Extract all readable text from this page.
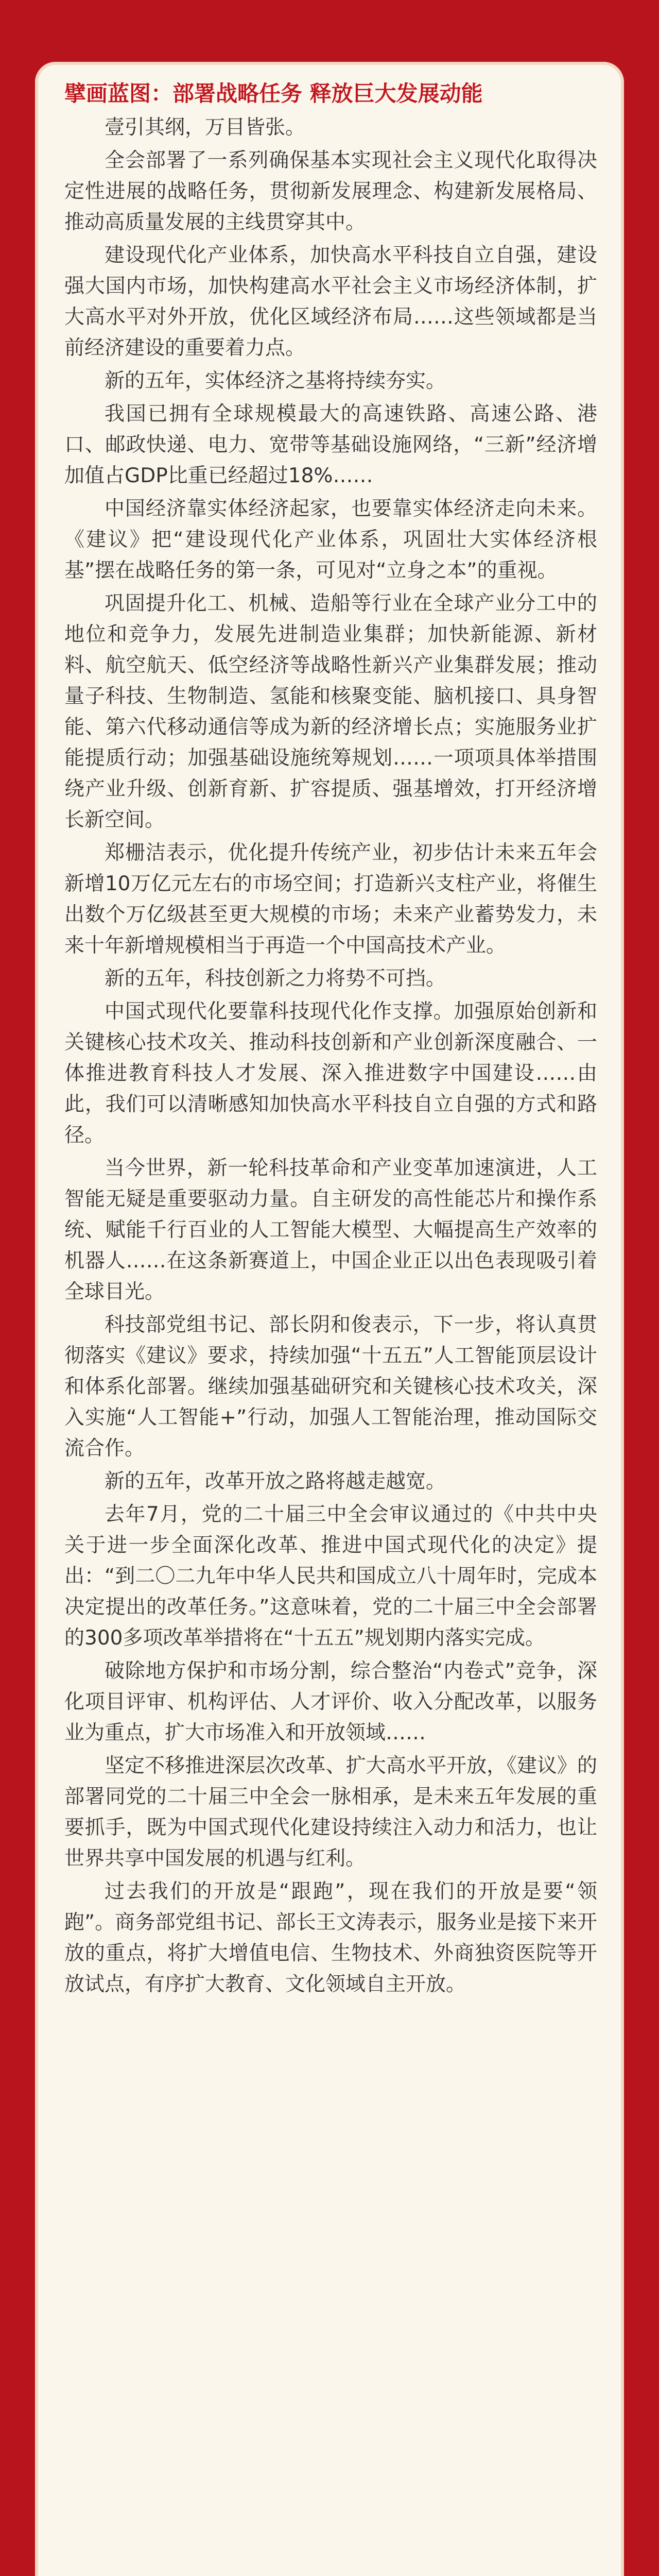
擘画蓝图：部署战略任务 释放巨大发展动能

壹引其纲，万目皆张。

全会部署了一系列确保基本实现社会主义现代化取得决定性进展的战略任务，贯彻新发展理念、构建新发展格局、推动高质量发展的主线贯穿其中。

建设现代化产业体系，加快高水平科技自立自强，建设强大国内市场，加快构建高水平社会主义市场经济体制，扩大高水平对外开放，优化区域经济布局……这些领域都是当前经济建设的重要着力点。

新的五年，实体经济之基将持续夯实。

我国已拥有全球规模最大的高速铁路、高速公路、港口、邮政快递、电力、宽带等基础设施网络，“三新”经济增加值占GDP比重已经超过18%……

中国经济靠实体经济起家，也要靠实体经济走向未来。《建议》把“建设现代化产业体系，巩固壮大实体经济根基”摆在战略任务的第一条，可见对“立身之本”的重视。

巩固提升化工、机械、造船等行业在全球产业分工中的地位和竞争力，发展先进制造业集群；加快新能源、新材料、航空航天、低空经济等战略性新兴产业集群发展；推动量子科技、生物制造、氢能和核聚变能、脑机接口、具身智能、第六代移动通信等成为新的经济增长点；实施服务业扩能提质行动；加强基础设施统筹规划……一项项具体举措围绕产业升级、创新育新、扩容提质、强基增效，打开经济增长新空间。

郑栅洁表示，优化提升传统产业，初步估计未来五年会新增10万亿元左右的市场空间；打造新兴支柱产业，将催生出数个万亿级甚至更大规模的市场；未来产业蓄势发力，未来十年新增规模相当于再造一个中国高技术产业。

新的五年，科技创新之力将势不可挡。

中国式现代化要靠科技现代化作支撑。加强原始创新和关键核心技术攻关、推动科技创新和产业创新深度融合、一体推进教育科技人才发展、深入推进数字中国建设……由此，我们可以清晰感知加快高水平科技自立自强的方式和路径。

当今世界，新一轮科技革命和产业变革加速演进，人工智能无疑是重要驱动力量。自主研发的高性能芯片和操作系统、赋能千行百业的人工智能大模型、大幅提高生产效率的机器人……在这条新赛道上，中国企业正以出色表现吸引着全球目光。

科技部党组书记、部长阴和俊表示，下一步，将认真贯彻落实《建议》要求，持续加强“十五五”人工智能顶层设计和体系化部署。继续加强基础研究和关键核心技术攻关，深入实施“人工智能+”行动，加强人工智能治理，推动国际交流合作。

新的五年，改革开放之路将越走越宽。

去年7月，党的二十届三中全会审议通过的《中共中央关于进一步全面深化改革、推进中国式现代化的决定》提出：“到二〇二九年中华人民共和国成立八十周年时，完成本决定提出的改革任务。”这意味着，党的二十届三中全会部署的300多项改革举措将在“十五五”规划期内落实完成。

破除地方保护和市场分割，综合整治“内卷式”竞争，深化项目评审、机构评估、人才评价、收入分配改革，以服务业为重点，扩大市场准入和开放领域……

坚定不移推进深层次改革、扩大高水平开放，《建议》的部署同党的二十届三中全会一脉相承，是未来五年发展的重要抓手，既为中国式现代化建设持续注入动力和活力，也让世界共享中国发展的机遇与红利。

过去我们的开放是“跟跑”，现在我们的开放是要“领跑”。商务部党组书记、部长王文涛表示，服务业是接下来开放的重点，将扩大增值电信、生物技术、外商独资医院等开放试点，有序扩大教育、文化领域自主开放。
